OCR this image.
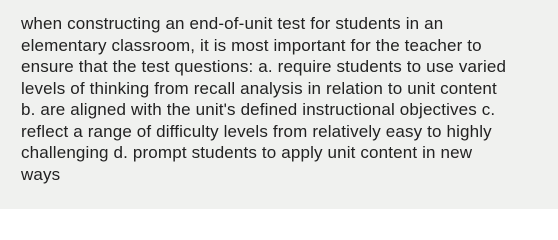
when constructing an end-of-unit test for students in an
elementary classroom, it is most important for the teacher to
ensure that the test questions: a. require students to use varied
levels of thinking from recall analysis in relation to unit content
b. are aligned with the unit's defined instructional objectives c.
reflect a range of difficulty levels from relatively easy to highly
challenging d. prompt students to apply unit content in new
ways
